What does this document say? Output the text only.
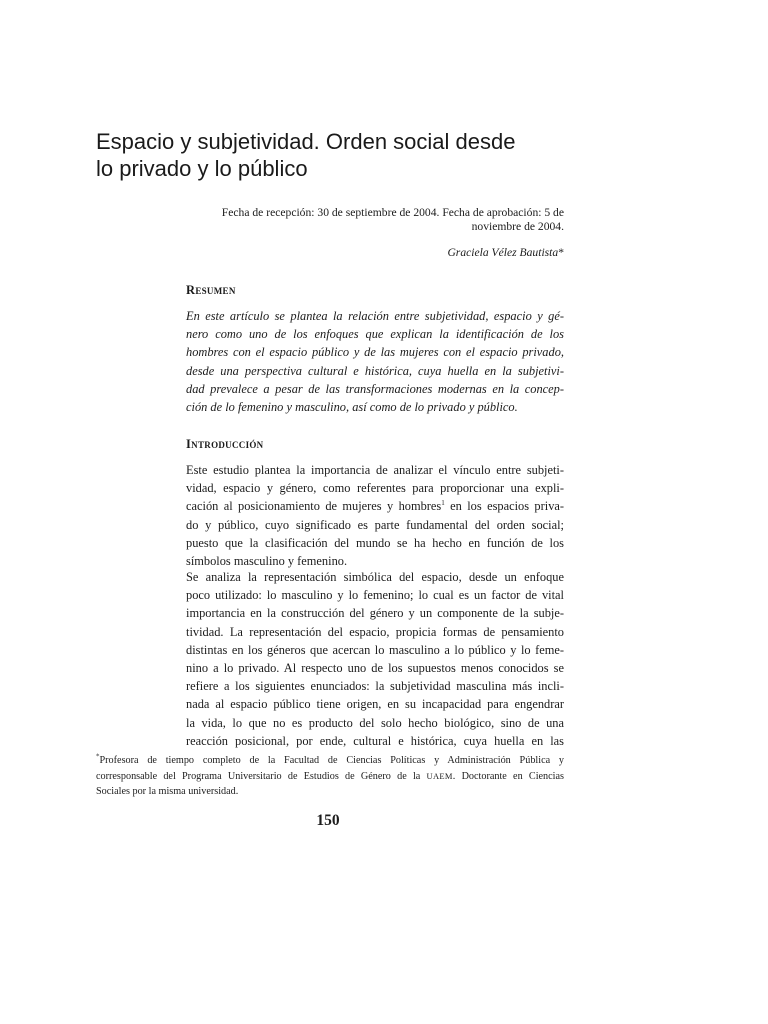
Espacio y subjetividad. Orden social desde
lo privado y lo público
Fecha de recepción: 30 de septiembre de 2004. Fecha de aprobación: 5 de
noviembre de 2004.
Graciela Vélez Bautista*
Resumen
En este artículo se plantea la relación entre subjetividad, espacio y gé-
nero como uno de los enfoques que explican la identificación de los
hombres con el espacio público y de las mujeres con el espacio privado,
desde una perspectiva cultural e histórica, cuya huella en la subjetivi-
dad prevalece a pesar de las transformaciones modernas en la concep-
ción de lo femenino y masculino, así como de lo privado y público.
Introducción
Este estudio plantea la importancia de analizar el vínculo entre subjeti-
vidad, espacio y género, como referentes para proporcionar una expli-
cación al posicionamiento de mujeres y hombres$^1$ en los espacios priva-
do y público, cuyo significado es parte fundamental del orden social;
puesto que la clasificación del mundo se ha hecho en función de los
símbolos masculino y femenino.
Se analiza la representación simbólica del espacio, desde un enfoque
poco utilizado: lo masculino y lo femenino; lo cual es un factor de vital
importancia en la construcción del género y un componente de la subje-
tividad. La representación del espacio, propicia formas de pensamiento
distintas en los géneros que acercan lo masculino a lo público y lo feme-
nino a lo privado. Al respecto uno de los supuestos menos conocidos se
refiere a los siguientes enunciados: la subjetividad masculina más incli-
nada al espacio público tiene origen, en su incapacidad para engendrar
la vida, lo que no es producto del solo hecho biológico, sino de una
reacción posicional, por ende, cultural e histórica, cuya huella en las
*Profesora de tiempo completo de la Facultad de Ciencias Políticas y Administración Pública y
corresponsable del Programa Universitario de Estudios de Género de la UAEM. Doctorante en Ciencias
Sociales por la misma universidad.
150
